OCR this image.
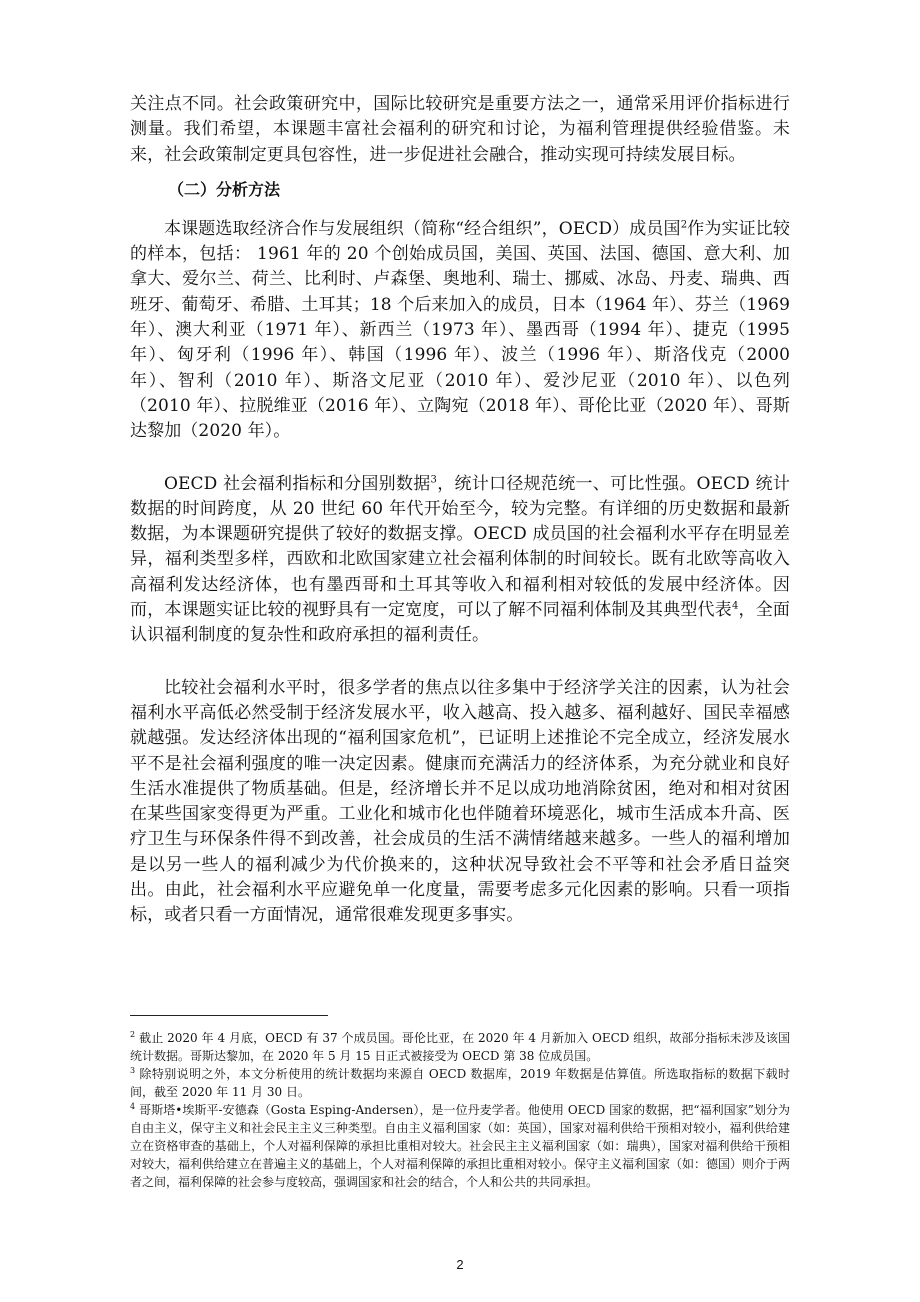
关注点不同。社会政策研究中，国际比较研究是重要方法之一，通常采用评价指标进行测量。我们希望，本课题丰富社会福利的研究和讨论，为福利管理提供经验借鉴。未来，社会政策制定更具包容性，进一步促进社会融合，推动实现可持续发展目标。

（二）分析方法

本课题选取经济合作与发展组织（简称“经合组织”，OECD）成员国$^2$作为实证比较的样本，包括： 1961 年的 20 个创始成员国，美国、英国、法国、德国、意大利、加拿大、爱尔兰、荷兰、比利时、卢森堡、奥地利、瑞士、挪威、冰岛、丹麦、瑞典、西班牙、葡萄牙、希腊、土耳其；18 个后来加入的成员，日本（1964 年）、芬兰（1969 年）、澳大利亚（1971 年）、新西兰（1973 年）、墨西哥（1994 年）、捷克（1995 年）、匈牙利（1996 年）、韩国（1996 年）、波兰（1996 年）、斯洛伐克（2000 年）、智利（2010 年）、斯洛文尼亚（2010 年）、爱沙尼亚（2010 年）、以色列（2010 年）、拉脱维亚（2016 年）、立陶宛（2018 年）、哥伦比亚（2020 年）、哥斯达黎加（2020 年）。

OECD 社会福利指标和分国别数据$^3$，统计口径规范统一、可比性强。OECD 统计数据的时间跨度，从 20 世纪 60 年代开始至今，较为完整。有详细的历史数据和最新数据，为本课题研究提供了较好的数据支撑。OECD 成员国的社会福利水平存在明显差异，福利类型多样，西欧和北欧国家建立社会福利体制的时间较长。既有北欧等高收入高福利发达经济体，也有墨西哥和土耳其等收入和福利相对较低的发展中经济体。因而，本课题实证比较的视野具有一定宽度，可以了解不同福利体制及其典型代表$^4$，全面认识福利制度的复杂性和政府承担的福利责任。

比较社会福利水平时，很多学者的焦点以往多集中于经济学关注的因素，认为社会福利水平高低必然受制于经济发展水平，收入越高、投入越多、福利越好、国民幸福感就越强。发达经济体出现的“福利国家危机”，已证明上述推论不完全成立，经济发展水平不是社会福利强度的唯一决定因素。健康而充满活力的经济体系，为充分就业和良好生活水准提供了物质基础。但是，经济增长并不足以成功地消除贫困，绝对和相对贫困在某些国家变得更为严重。工业化和城市化也伴随着环境恶化，城市生活成本升高、医疗卫生与环保条件得不到改善，社会成员的生活不满情绪越来越多。一些人的福利增加是以另一些人的福利减少为代价换来的，这种状况导致社会不平等和社会矛盾日益突出。由此，社会福利水平应避免单一化度量，需要考虑多元化因素的影响。只看一项指标，或者只看一方面情况，通常很难发现更多事实。

$^2$ 截止 2020 年 4 月底，OECD 有 37 个成员国。哥伦比亚，在 2020 年 4 月新加入 OECD 组织，故部分指标未涉及该国统计数据。哥斯达黎加，在 2020 年 5 月 15 日正式被接受为 OECD 第 38 位成员国。

$^3$ 除特别说明之外，本文分析使用的统计数据均来源自 OECD 数据库，2019 年数据是估算值。所选取指标的数据下载时间，截至 2020 年 11 月 30 日。

$^4$ 哥斯塔•埃斯平-安德森（Gosta Esping-Andersen），是一位丹麦学者。他使用 OECD 国家的数据，把“福利国家”划分为自由主义，保守主义和社会民主主义三种类型。自由主义福利国家（如：英国），国家对福利供给干预相对较小，福利供给建立在资格审查的基础上，个人对福利保障的承担比重相对较大。社会民主主义福利国家（如：瑞典），国家对福利供给干预相对较大，福利供给建立在普遍主义的基础上，个人对福利保障的承担比重相对较小。保守主义福利国家（如：德国）则介于两者之间，福利保障的社会参与度较高，强调国家和社会的结合，个人和公共的共同承担。

2
